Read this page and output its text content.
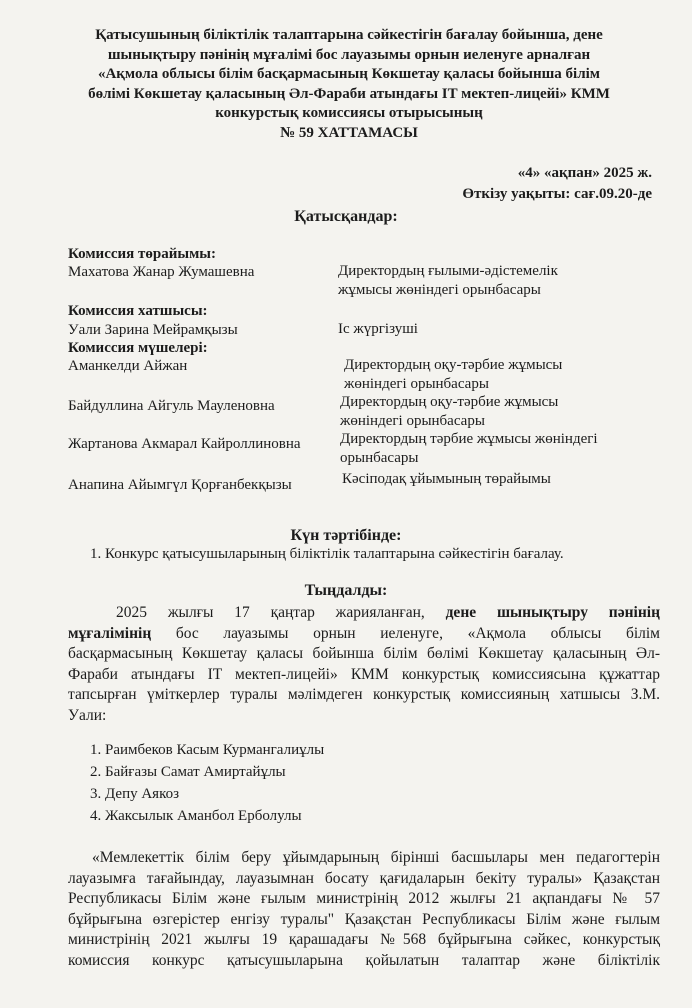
Қатысушының біліктілік талаптарына сәйкестігін бағалау бойынша, дене
шынықтыру пәнінің мұғалімі бос лауазымы орнын иеленуге арналған
«Ақмола облысы білім басқармасының Көкшетау қаласы бойынша білім
бөлімі Көкшетау қаласының Әл-Фараби атындағы IT мектеп-лицейі» КММ
конкурстық комиссиясы отырысының
№ 59 ХАТТАМАСЫ
«4» «ақпан» 2025 ж.
Өткізу уақыты: сағ.09.20-де
Қатысқандар:
Комиссия төрайымы:
Махатова Жанар Жумашевна	Директордың ғылыми-әдістемелік
жұмысы жөніндегі орынбасары
Комиссия хатшысы:
Уали Зарина Мейрамқызы	Іс жүргізуші
Комиссия мүшелері:
Аманкелди Айжан	Директордың оқу-тәрбие жұмысы
жөніндегі орынбасары
Байдуллина Айгуль Мауленовна	Директордың оқу-тәрбие жұмысы
жөніндегі орынбасары
Жартанова Акмарал Кайроллиновна	Директордың тәрбие жұмысы жөніндегі
орынбасары
Анапина Айымгүл Қорғанбекқызы	Кәсіподақ ұйымының төрайымы
Күн тәртібінде:
1. Конкурс қатысушыларының біліктілік талаптарына сәйкестігін бағалау.
Тыңдалды:
2025 жылғы 17 қаңтар жарияланған, дене шынықтыру пәнінің
мұғалімінің бос лауазымы орнын иеленуге, «Ақмола облысы білім
басқармасының Көкшетау қаласы бойынша білім бөлімі Көкшетау қаласының Әл-
Фараби атындағы IT мектеп-лицейі» КММ конкурстық комиссиясына құжаттар
тапсырған үміткерлер туралы мәлімдеген конкурстық комиссияның хатшысы З.М.
Уали:
1. Раимбеков Касым Курмангалиұлы
2. Байғазы Самат Амиртайұлы
3. Депу Аякоз
4. Жаксылык Аманбол Ерболулы
«Мемлекеттік білім беру ұйымдарының бірінші басшылары мен педагогтерін
лауазымға тағайындау, лауазымнан босату қағидаларын бекіту туралы» Қазақстан
Республикасы Білім және ғылым министрінің 2012 жылғы 21 ақпандағы № 57
бұйрығына өзгерістер енгізу туралы" Қазақстан Республикасы Білім және ғылым
министрінің 2021 жылғы 19 қарашадағы №568 бұйрығына сәйкес, конкурстық
комиссия конкурс қатысушыларына қойылатын талаптар және біліктілік
